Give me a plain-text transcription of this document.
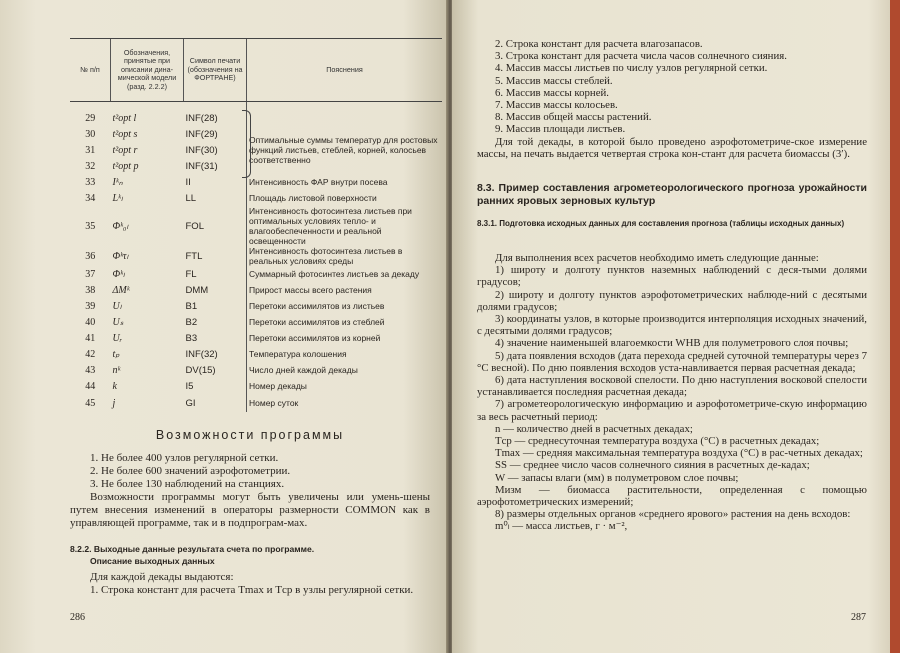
№ п/п	Обозначения, принятые при описании дина-мической модели (разд. 2.2.2)	Символ печати (обозначения на ФОРТРАНЕ)	Пояснения
29	t²opt l	INF(28)	
30	t²opt s	INF(29)	Оптимальные суммы температур для ростовых функций листьев, стеблей, корней, колосьев соответственно
31	t²opt r	INF(30)	
32	t²opt p	INF(31)	
33	Iᵏₙ	II	Интенсивность ФАР внутри посева
34	Lᵏₗ	LL	Площадь листовой поверхности
35	Φᵏ₀ₗ	FOL	Интенсивность фотосинтеза листьев при оптимальных условиях тепло- и влагообеспеченности и реальной освещенности
36	Φᵏτₗ	FTL	Интенсивность фотосинтеза листьев в реальных условиях среды
37	Φᵏₗ	FL	Суммарный фотосинтез листьев за декаду
38	ΔMᵏ	DMM	Прирост массы всего растения
39	Uₗ	B1	Перетоки ассимилятов из листьев
40	Uₛ	B2	Перетоки ассимилятов из стеблей
41	Uᵣ	B3	Перетоки ассимилятов из корней
42	tₚ	INF(32)	Температура колошения
43	nᵏ	DV(15)	Число дней каждой декады
44	k	I5	Номер декады
45	j	GI	Номер суток
Возможности программы

1. Не более 400 узлов регулярной сетки.

2. Не более 600 значений аэрофотометрии.

3. Не более 130 наблюдений на станциях.

Возможности программы могут быть увеличены или умень-шены путем внесения изменений в операторы размерности COMMON как в управляющей программе, так и в подпрограм-мах.

8.2.2. Выходные данные результата счета по программе.
Описание выходных данных

Для каждой декады выдаются:

1. Строка констант для расчета Tmax и Tср в узлы регулярной сетки.

286

2. Строка констант для расчета влагозапасов.

3. Строка констант для расчета числа часов солнечного сияния.

4. Массив массы листьев по числу узлов регулярной сетки.

5. Массив массы стеблей.

6. Массив массы корней.

7. Массив массы колосьев.

8. Массив общей массы растений.

9. Массив площади листьев.

Для той декады, в которой было проведено аэрофотометриче-ское измерение массы, на печать выдается четвертая строка кон-стант для расчета биомассы (3′).

8.3. Пример составления агрометеорологического прогноза урожайности ранних яровых зерновых культур

8.3.1. Подготовка исходных данных для составления прогноза (таблицы исходных данных)

Для выполнения всех расчетов необходимо иметь следующие данные:

1) широту и долготу пунктов наземных наблюдений с деся-тыми долями градусов;

2) широту и долготу пунктов аэрофотометрических наблюде-ний с десятыми долями градусов;

3) координаты узлов, в которые производится интерполяция исходных значений, с десятыми долями градусов;

4) значение наименьшей влагоемкости WНВ для полуметрового слоя почвы;

5) дата появления всходов (дата перехода средней суточной температуры через 7 °C весной). По дню появления всходов уста-навливается первая расчетная декада;

6) дата наступления восковой спелости. По дню наступления восковой спелости устанавливается последняя расчетная декада;

7) агрометеорологическую информацию и аэрофотометриче-скую информацию за весь расчетный период:

n — количество дней в расчетных декадах;

Tср — среднесуточная температура воздуха (°C) в расчетных декадах;

Tmax — средняя максимальная температура воздуха (°C) в рас-четных декадах;

SS — среднее число часов солнечного сияния в расчетных де-кадах;

W — запасы влаги (мм) в полуметровом слое почвы;

Mизм — биомасса растительности, определенная с помощью аэрофотометрических измерений;

8) размеры отдельных органов «среднего ярового» растения на день всходов:

m⁰ₗ — масса листьев, г · м⁻²,

287
